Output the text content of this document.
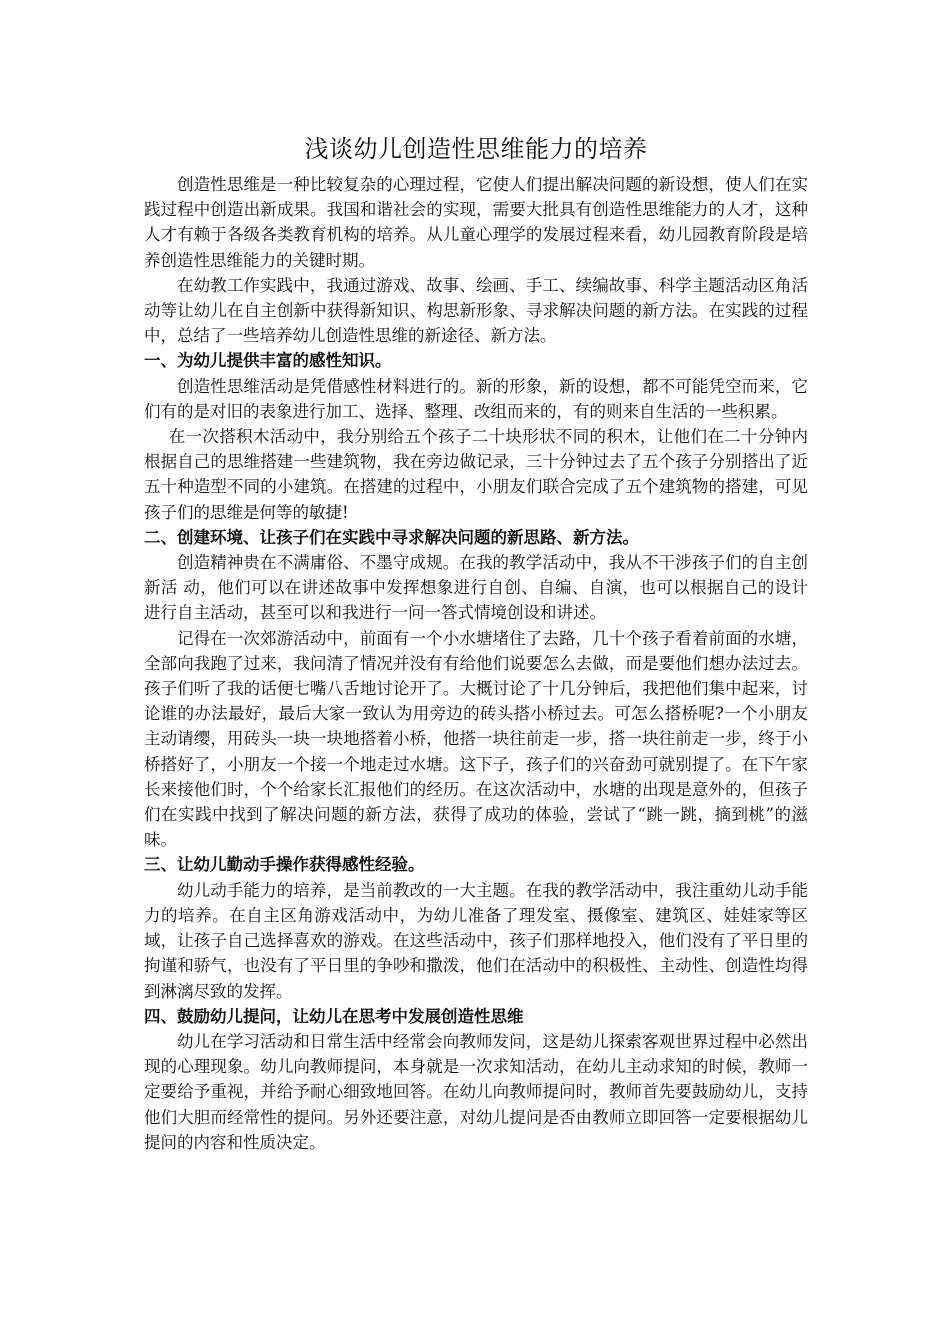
浅谈幼儿创造性思维能力的培养

创造性思维是一种比较复杂的心理过程，它使人们提出解决问题的新设想，使人们在实践过程中创造出新成果。我国和谐社会的实现，需要大批具有创造性思维能力的人才，这种人才有赖于各级各类教育机构的培养。从儿童心理学的发展过程来看，幼儿园教育阶段是培养创造性思维能力的关键时期。

在幼教工作实践中，我通过游戏、故事、绘画、手工、续编故事、科学主题活动区角活动等让幼儿在自主创新中获得新知识、构思新形象、寻求解决问题的新方法。在实践的过程中，总结了一些培养幼儿创造性思维的新途径、新方法。

一、为幼儿提供丰富的感性知识。

创造性思维活动是凭借感性材料进行的。新的形象，新的设想，都不可能凭空而来，它们有的是对旧的表象进行加工、选择、整理、改组而来的，有的则来自生活的一些积累。

在一次搭积木活动中，我分别给五个孩子二十块形状不同的积木，让他们在二十分钟内根据自己的思维搭建一些建筑物，我在旁边做记录，三十分钟过去了五个孩子分别搭出了近五十种造型不同的小建筑。在搭建的过程中，小朋友们联合完成了五个建筑物的搭建，可见孩子们的思维是何等的敏捷!

二、创建环境、让孩子们在实践中寻求解决问题的新思路、新方法。

创造精神贵在不满庸俗、不墨守成规。在我的教学活动中，我从不干涉孩子们的自主创新活 动，他们可以在讲述故事中发挥想象进行自创、自编、自演，也可以根据自己的设计进行自主活动，甚至可以和我进行一问一答式情境创设和讲述。

记得在一次郊游活动中，前面有一个小水塘堵住了去路，几十个孩子看着前面的水塘，全部向我跑了过来，我问清了情况并没有有给他们说要怎么去做，而是要他们想办法过去。孩子们听了我的话便七嘴八舌地讨论开了。大概讨论了十几分钟后，我把他们集中起来，讨论谁的办法最好，最后大家一致认为用旁边的砖头搭小桥过去。可怎么搭桥呢?一个小朋友主动请缨，用砖头一块一块地搭着小桥，他搭一块往前走一步，搭一块往前走一步，终于小桥搭好了，小朋友一个接一个地走过水塘。这下子，孩子们的兴奋劲可就别提了。在下午家长来接他们时，个个给家长汇报他们的经历。在这次活动中，水塘的出现是意外的，但孩子们在实践中找到了解决问题的新方法，获得了成功的体验，尝试了“跳一跳，摘到桃”的滋味。

三、让幼儿勤动手操作获得感性经验。

幼儿动手能力的培养，是当前教改的一大主题。在我的教学活动中，我注重幼儿动手能力的培养。在自主区角游戏活动中，为幼儿准备了理发室、摄像室、建筑区、娃娃家等区域，让孩子自己选择喜欢的游戏。在这些活动中，孩子们那样地投入，他们没有了平日里的拘谨和骄气，也没有了平日里的争吵和撒泼，他们在活动中的积极性、主动性、创造性均得到淋漓尽致的发挥。

四、鼓励幼儿提问，让幼儿在思考中发展创造性思维

幼儿在学习活动和日常生活中经常会向教师发问，这是幼儿探索客观世界过程中必然出现的心理现象。幼儿向教师提问，本身就是一次求知活动，在幼儿主动求知的时候，教师一定要给予重视，并给予耐心细致地回答。在幼儿向教师提问时，教师首先要鼓励幼儿，支持他们大胆而经常性的提问。另外还要注意，对幼儿提问是否由教师立即回答一定要根据幼儿提问的内容和性质决定。
